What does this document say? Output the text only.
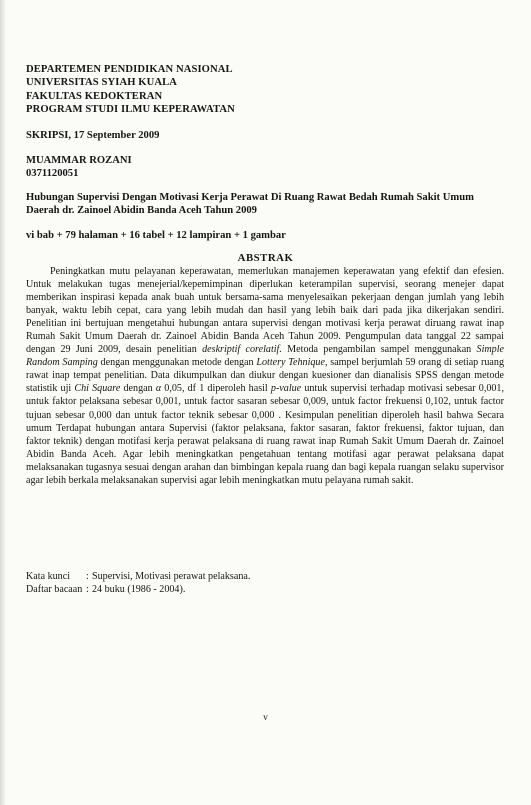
DEPARTEMEN PENDIDIKAN NASIONAL
UNIVERSITAS SYIAH KUALA
FAKULTAS KEDOKTERAN
PROGRAM STUDI ILMU KEPERAWATAN
SKRIPSI, 17 September 2009
MUAMMAR ROZANI
0371120051
Hubungan Supervisi Dengan Motivasi Kerja Perawat Di Ruang Rawat Bedah Rumah Sakit Umum Daerah dr. Zainoel Abidin Banda Aceh Tahun 2009
vi bab + 79 halaman + 16 tabel + 12 lampiran + 1 gambar
ABSTRAK

Peningkatkan mutu pelayanan keperawatan, memerlukan manajemen keperawatan yang efektif dan efesien. Untuk melakukan tugas menejerial/kepemimpinan diperlukan keterampilan supervisi, seorang menejer dapat memberikan inspirasi kepada anak buah untuk bersama-sama menyelesaikan pekerjaan dengan jumlah yang lebih banyak, waktu lebih cepat, cara yang lebih mudah dan hasil yang lebih baik dari pada jika dikerjakan sendiri. Penelitian ini bertujuan mengetahui hubungan antara supervisi dengan motivasi kerja perawat diruang rawat inap Rumah Sakit Umum Daerah dr. Zainoel Abidin Banda Aceh Tahun 2009. Pengumpulan data tanggal 22 sampai dengan 29 Juni 2009, desain penelitian deskriptif corelatif. Metoda pengambilan sampel menggunakan Simple Random Samping dengan menggunakan metode dengan Lottery Tehnique, sampel berjumlah 59 orang di setiap ruang rawat inap tempat penelitian. Data dikumpulkan dan diukur dengan kuesioner dan dianalisis SPSS dengan metode statistik uji Chi Square dengan α 0,05, df 1 diperoleh hasil p-value untuk supervisi terhadap motivasi sebesar 0,001, untuk faktor pelaksana sebesar 0,001, untuk factor sasaran sebesar 0,009, untuk factor frekuensi 0,102, untuk factor tujuan sebesar 0,000 dan untuk factor teknik sebesar 0,000 . Kesimpulan penelitian diperoleh hasil bahwa Secara umum Terdapat hubungan antara Supervisi (faktor pelaksana, faktor sasaran, faktor frekuensi, faktor tujuan, dan faktor teknik) dengan motifasi kerja perawat pelaksana di ruang rawat inap Rumah Sakit Umum Daerah dr. Zainoel Abidin Banda Aceh. Agar lebih meningkatkan pengetahuan tentang motifasi agar perawat pelaksana dapat melaksanakan tugasnya sesuai dengan arahan dan bimbingan kepala ruang dan bagi kepala ruangan selaku supervisor agar lebih berkala melaksanakan supervisi agar lebih meningkatkan mutu pelayana rumah sakit.

Kata kunci	: Supervisi, Motivasi perawat pelaksana.
Daftar bacaan : 24 buku (1986 - 2004).
v
